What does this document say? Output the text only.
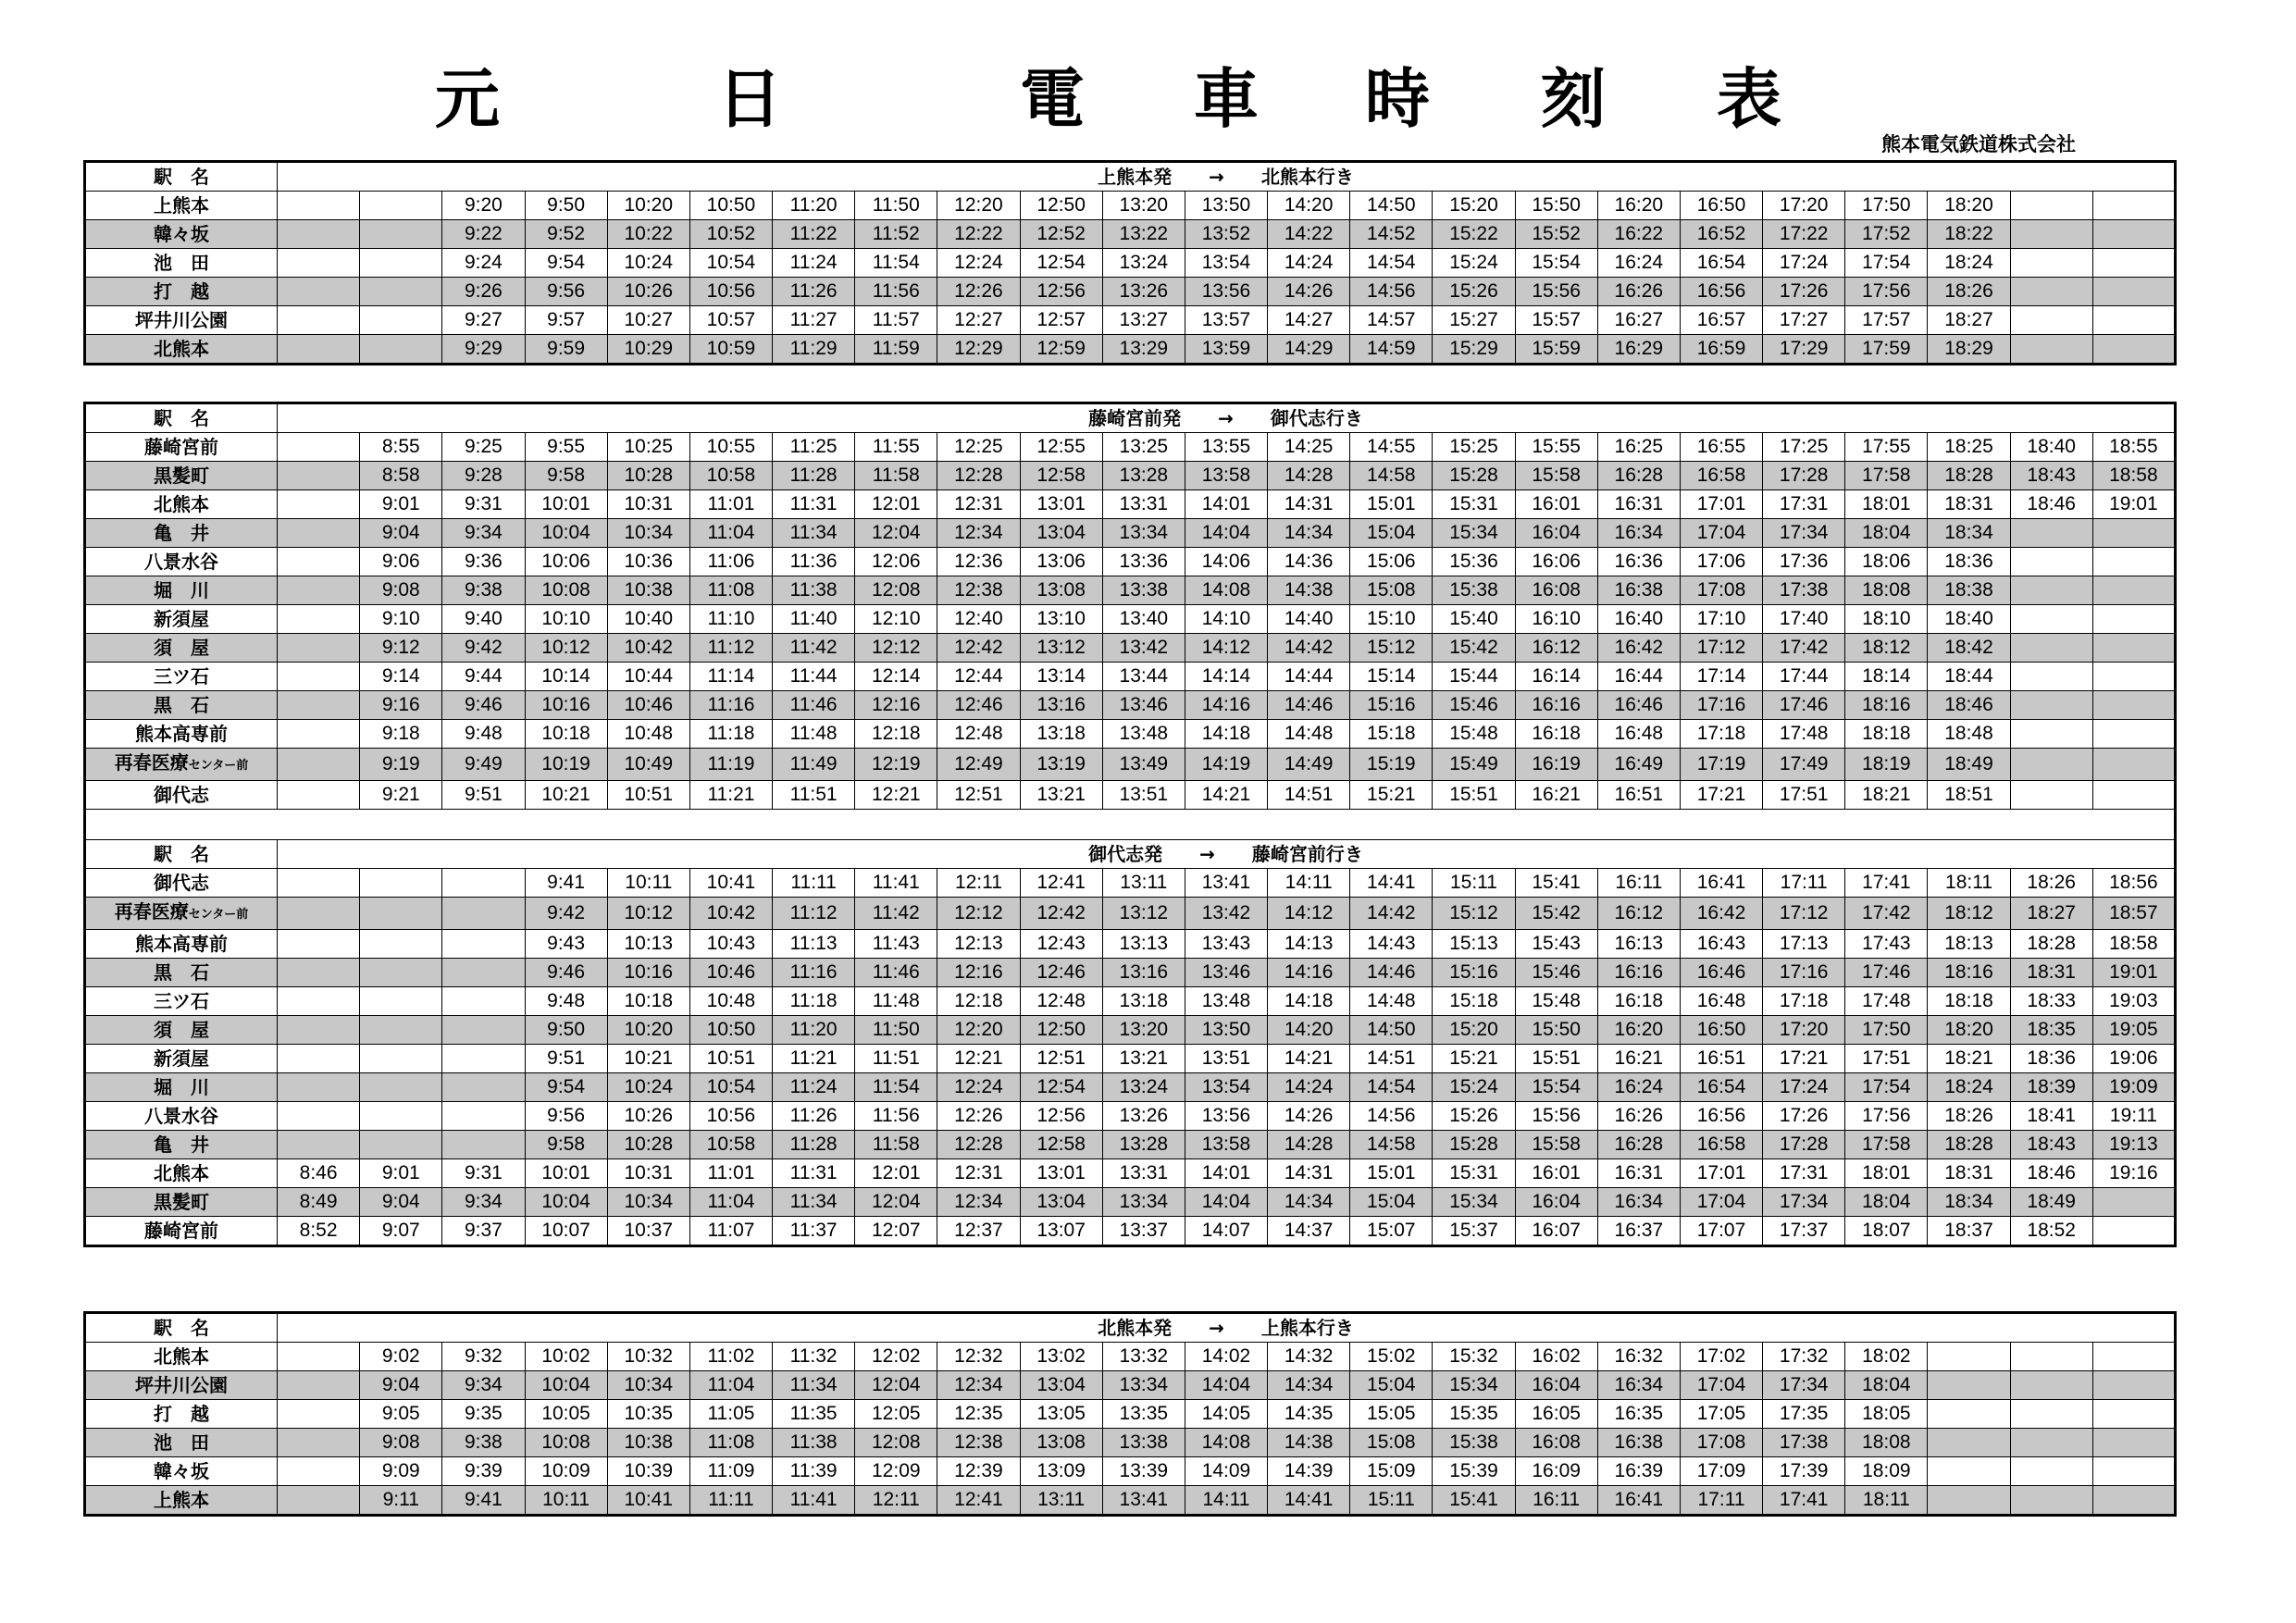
元	日	電 車 時 刻 表
熊本電気鉄道株式会社
駅　名	上熊本発　　→　　北熊本行き																						
上熊本			9:20	9:50	10:20	10:50	11:20	11:50	12:20	12:50	13:20	13:50	14:20	14:50	15:20	15:50	16:20	16:50	17:20	17:50	18:20		
韓々坂			9:22	9:52	10:22	10:52	11:22	11:52	12:22	12:52	13:22	13:52	14:22	14:52	15:22	15:52	16:22	16:52	17:22	17:52	18:22		
池　田			9:24	9:54	10:24	10:54	11:24	11:54	12:24	12:54	13:24	13:54	14:24	14:54	15:24	15:54	16:24	16:54	17:24	17:54	18:24		
打　越			9:26	9:56	10:26	10:56	11:26	11:56	12:26	12:56	13:26	13:56	14:26	14:56	15:26	15:56	16:26	16:56	17:26	17:56	18:26		
坪井川公園			9:27	9:57	10:27	10:57	11:27	11:57	12:27	12:57	13:27	13:57	14:27	14:57	15:27	15:57	16:27	16:57	17:27	17:57	18:27		
北熊本			9:29	9:59	10:29	10:59	11:29	11:59	12:29	12:59	13:29	13:59	14:29	14:59	15:29	15:59	16:29	16:59	17:29	17:59	18:29		
駅　名	藤崎宮前発　　→　　御代志行き																						
藤崎宮前		8:55	9:25	9:55	10:25	10:55	11:25	11:55	12:25	12:55	13:25	13:55	14:25	14:55	15:25	15:55	16:25	16:55	17:25	17:55	18:25	18:40	18:55
黒髪町		8:58	9:28	9:58	10:28	10:58	11:28	11:58	12:28	12:58	13:28	13:58	14:28	14:58	15:28	15:58	16:28	16:58	17:28	17:58	18:28	18:43	18:58
北熊本		9:01	9:31	10:01	10:31	11:01	11:31	12:01	12:31	13:01	13:31	14:01	14:31	15:01	15:31	16:01	16:31	17:01	17:31	18:01	18:31	18:46	19:01
亀　井		9:04	9:34	10:04	10:34	11:04	11:34	12:04	12:34	13:04	13:34	14:04	14:34	15:04	15:34	16:04	16:34	17:04	17:34	18:04	18:34		
八景水谷		9:06	9:36	10:06	10:36	11:06	11:36	12:06	12:36	13:06	13:36	14:06	14:36	15:06	15:36	16:06	16:36	17:06	17:36	18:06	18:36		
堀　川		9:08	9:38	10:08	10:38	11:08	11:38	12:08	12:38	13:08	13:38	14:08	14:38	15:08	15:38	16:08	16:38	17:08	17:38	18:08	18:38		
新須屋		9:10	9:40	10:10	10:40	11:10	11:40	12:10	12:40	13:10	13:40	14:10	14:40	15:10	15:40	16:10	16:40	17:10	17:40	18:10	18:40		
須　屋		9:12	9:42	10:12	10:42	11:12	11:42	12:12	12:42	13:12	13:42	14:12	14:42	15:12	15:42	16:12	16:42	17:12	17:42	18:12	18:42		
三ツ石		9:14	9:44	10:14	10:44	11:14	11:44	12:14	12:44	13:14	13:44	14:14	14:44	15:14	15:44	16:14	16:44	17:14	17:44	18:14	18:44		
黒　石		9:16	9:46	10:16	10:46	11:16	11:46	12:16	12:46	13:16	13:46	14:16	14:46	15:16	15:46	16:16	16:46	17:16	17:46	18:16	18:46		
熊本高専前		9:18	9:48	10:18	10:48	11:18	11:48	12:18	12:48	13:18	13:48	14:18	14:48	15:18	15:48	16:18	16:48	17:18	17:48	18:18	18:48		
再春医療センター前		9:19	9:49	10:19	10:49	11:19	11:49	12:19	12:49	13:19	13:49	14:19	14:49	15:19	15:49	16:19	16:49	17:19	17:49	18:19	18:49		
御代志		9:21	9:51	10:21	10:51	11:21	11:51	12:21	12:51	13:21	13:51	14:21	14:51	15:21	15:51	16:21	16:51	17:21	17:51	18:21	18:51		

駅　名	御代志発　　→　　藤崎宮前行き																						
御代志				9:41	10:11	10:41	11:11	11:41	12:11	12:41	13:11	13:41	14:11	14:41	15:11	15:41	16:11	16:41	17:11	17:41	18:11	18:26	18:56
再春医療センター前				9:42	10:12	10:42	11:12	11:42	12:12	12:42	13:12	13:42	14:12	14:42	15:12	15:42	16:12	16:42	17:12	17:42	18:12	18:27	18:57
熊本高専前				9:43	10:13	10:43	11:13	11:43	12:13	12:43	13:13	13:43	14:13	14:43	15:13	15:43	16:13	16:43	17:13	17:43	18:13	18:28	18:58
黒　石				9:46	10:16	10:46	11:16	11:46	12:16	12:46	13:16	13:46	14:16	14:46	15:16	15:46	16:16	16:46	17:16	17:46	18:16	18:31	19:01
三ツ石				9:48	10:18	10:48	11:18	11:48	12:18	12:48	13:18	13:48	14:18	14:48	15:18	15:48	16:18	16:48	17:18	17:48	18:18	18:33	19:03
須　屋				9:50	10:20	10:50	11:20	11:50	12:20	12:50	13:20	13:50	14:20	14:50	15:20	15:50	16:20	16:50	17:20	17:50	18:20	18:35	19:05
新須屋				9:51	10:21	10:51	11:21	11:51	12:21	12:51	13:21	13:51	14:21	14:51	15:21	15:51	16:21	16:51	17:21	17:51	18:21	18:36	19:06
堀　川				9:54	10:24	10:54	11:24	11:54	12:24	12:54	13:24	13:54	14:24	14:54	15:24	15:54	16:24	16:54	17:24	17:54	18:24	18:39	19:09
八景水谷				9:56	10:26	10:56	11:26	11:56	12:26	12:56	13:26	13:56	14:26	14:56	15:26	15:56	16:26	16:56	17:26	17:56	18:26	18:41	19:11
亀　井				9:58	10:28	10:58	11:28	11:58	12:28	12:58	13:28	13:58	14:28	14:58	15:28	15:58	16:28	16:58	17:28	17:58	18:28	18:43	19:13
北熊本	8:46	9:01	9:31	10:01	10:31	11:01	11:31	12:01	12:31	13:01	13:31	14:01	14:31	15:01	15:31	16:01	16:31	17:01	17:31	18:01	18:31	18:46	19:16
黒髪町	8:49	9:04	9:34	10:04	10:34	11:04	11:34	12:04	12:34	13:04	13:34	14:04	14:34	15:04	15:34	16:04	16:34	17:04	17:34	18:04	18:34	18:49	
藤崎宮前	8:52	9:07	9:37	10:07	10:37	11:07	11:37	12:07	12:37	13:07	13:37	14:07	14:37	15:07	15:37	16:07	16:37	17:07	17:37	18:07	18:37	18:52	
駅　名	北熊本発　　→　　上熊本行き																						
北熊本		9:02	9:32	10:02	10:32	11:02	11:32	12:02	12:32	13:02	13:32	14:02	14:32	15:02	15:32	16:02	16:32	17:02	17:32	18:02			
坪井川公園		9:04	9:34	10:04	10:34	11:04	11:34	12:04	12:34	13:04	13:34	14:04	14:34	15:04	15:34	16:04	16:34	17:04	17:34	18:04			
打　越		9:05	9:35	10:05	10:35	11:05	11:35	12:05	12:35	13:05	13:35	14:05	14:35	15:05	15:35	16:05	16:35	17:05	17:35	18:05			
池　田		9:08	9:38	10:08	10:38	11:08	11:38	12:08	12:38	13:08	13:38	14:08	14:38	15:08	15:38	16:08	16:38	17:08	17:38	18:08			
韓々坂		9:09	9:39	10:09	10:39	11:09	11:39	12:09	12:39	13:09	13:39	14:09	14:39	15:09	15:39	16:09	16:39	17:09	17:39	18:09			
上熊本		9:11	9:41	10:11	10:41	11:11	11:41	12:11	12:41	13:11	13:41	14:11	14:41	15:11	15:41	16:11	16:41	17:11	17:41	18:11			
